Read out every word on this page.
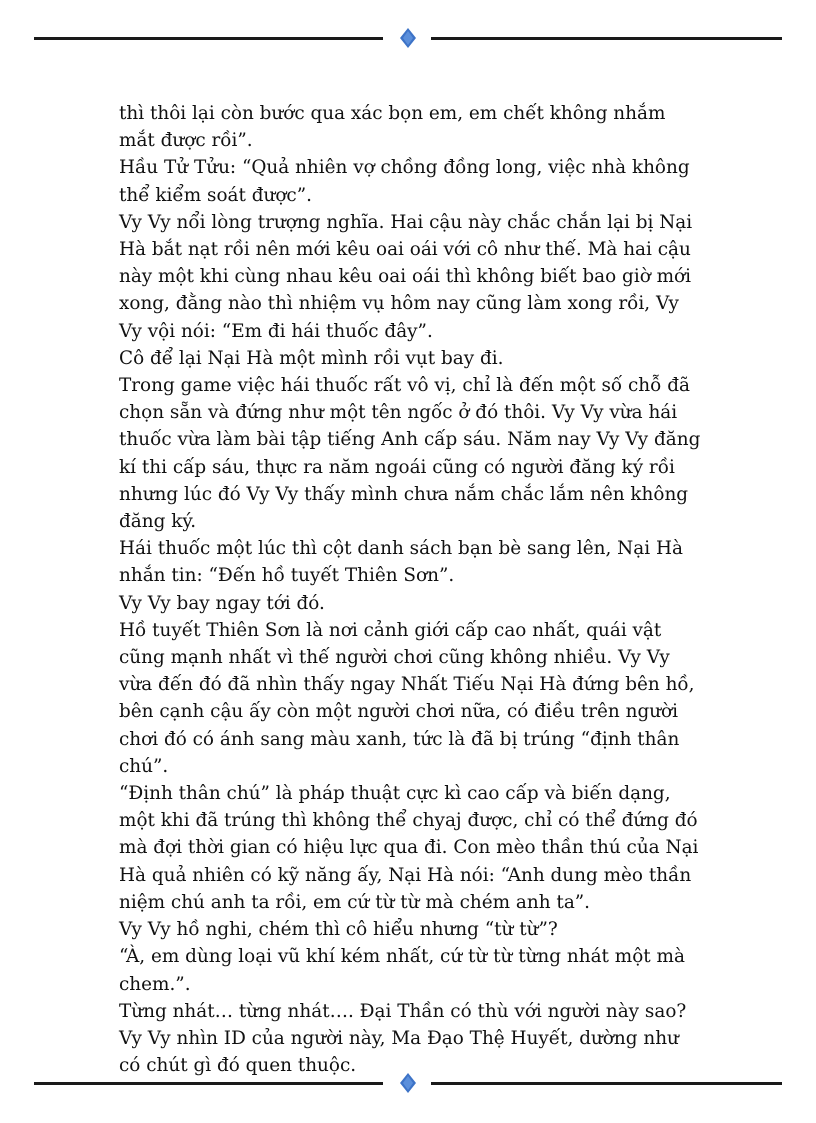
thì thôi lại còn bước qua xác bọn em, em chết không nhắm mắt được rồi”.

Hầu Tử Tửu: “Quả nhiên vợ chồng đồng long, việc nhà không thể kiểm soát được”.

Vy Vy nổi lòng trượng nghĩa. Hai cậu này chắc chắn lại bị Nại Hà bắt nạt rồi nên mới kêu oai oái với cô như thế. Mà hai cậu này một khi cùng nhau kêu oai oái thì không biết bao giờ mới xong, đằng nào thì nhiệm vụ hôm nay cũng làm xong rồi, Vy Vy vội nói: “Em đi hái thuốc đây”.

Cô để lại Nại Hà một mình rồi vụt bay đi.

Trong game việc hái thuốc rất vô vị, chỉ là đến một số chỗ đã chọn sẵn và đứng như một tên ngốc ở đó thôi. Vy Vy vừa hái thuốc vừa làm bài tập tiếng Anh cấp sáu. Năm nay Vy Vy đăng kí thi cấp sáu, thực ra năm ngoái cũng có người đăng ký rồi nhưng lúc đó Vy Vy thấy mình chưa nắm chắc lắm nên không đăng ký.

Hái thuốc một lúc thì cột danh sách bạn bè sang lên, Nại Hà nhắn tin: “Đến hồ tuyết Thiên Sơn”.

Vy Vy bay ngay tới đó.

Hồ tuyết Thiên Sơn là nơi cảnh giới cấp cao nhất, quái vật cũng mạnh nhất vì thế người chơi cũng không nhiều. Vy Vy vừa đến đó đã nhìn thấy ngay Nhất Tiếu Nại Hà đứng bên hồ, bên cạnh cậu ấy còn một người chơi nữa, có điều trên người chơi đó có ánh sang màu xanh, tức là đã bị trúng “định thân chú”.

“Định thân chú” là pháp thuật cực kì cao cấp và biến dạng, một khi đã trúng thì không thể chyaj được, chỉ có thể đứng đó mà đợi thời gian có hiệu lực qua đi. Con mèo thần thú của Nại Hà quả nhiên có kỹ năng ấy, Nại Hà nói: “Anh dung mèo thần niệm chú anh ta rồi, em cứ từ từ mà chém anh ta”.

Vy Vy hồ nghi, chém thì cô hiểu nhưng “từ từ”?

“À, em dùng loại vũ khí kém nhất, cứ từ từ từng nhát một mà chem.”.

Từng nhát… từng nhát…. Đại Thần có thù với người này sao? Vy Vy nhìn ID của người này, Ma Đạo Thệ Huyết, dường như có chút gì đó quen thuộc.
